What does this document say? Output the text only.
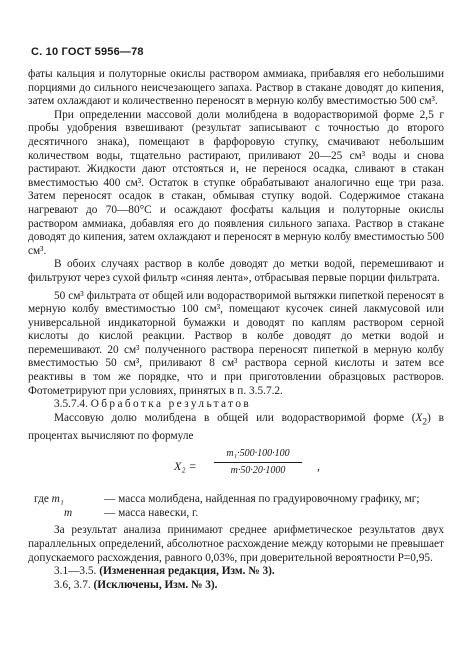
С. 10 ГОСТ 5956—78

фаты кальция и полуторные окислы раствором аммиака, прибавляя его небольшими порциями до сильного неисчезающего запаха. Раствор в стакане доводят до кипения, затем охлаждают и количественно переносят в мерную колбу вместимостью 500 см³.

При определении массовой доли молибдена в водорастворимой форме 2,5 г пробы удобрения взвешивают (результат записывают с точностью до второго десятичного знака), помещают в фарфоровую ступку, смачивают небольшим количеством воды, тщательно растирают, приливают 20—25 см³ воды и снова растирают. Жидкости дают отстояться и, не перенося осадка, сливают в стакан вместимостью 400 см³. Остаток в ступке обрабатывают аналогично еще три раза. Затем переносят осадок в стакан, обмывая ступку водой. Содержимое стакана нагревают до 70—80°С и осаждают фосфаты кальция и полуторные окислы раствором аммиака, добавляя его до появления сильного запаха. Раствор в стакане доводят до кипения, затем охлаждают и переносят в мерную колбу вместимостью 500 см³.

В обоих случаях раствор в колбе доводят до метки водой, перемешивают и фильтруют через сухой фильтр «синяя лента», отбрасывая первые порции фильтрата.

50 см³ фильтрата от общей или водорастворимой вытяжки пипеткой переносят в мерную колбу вместимостью 100 см³, помещают кусочек синей лакмусовой или универсальной индикаторной бумажки и доводят по каплям раствором серной кислоты до кислой реакции. Раствор в колбе доводят до метки водой и перемешивают. 20 см³ полученного раствора переносят пипеткой в мерную колбу вместимостью 50 см³, приливают 8 см³ раствора серной кислоты и затем все реактивы в том же порядке, что и при приготовлении образцовых растворов. Фотометрируют при условиях, принятых в п. 3.5.7.2.

3.5.7.4. Обработка результатов

Массовую долю молибдена в общей или водорастворимой форме $(X_2)$ в процентах вычисляют по формуле

$X_2 = \frac{\text{m₁·500·100·100}}{m\cdot 50\cdot 20\cdot 1000}$ ,
где m₁	— масса молибдена, найденная по градуировочному графику, мг;
m	— масса навески, г.

За результат анализа принимают среднее арифметическое результатов двух параллельных определений, абсолютное расхождение между которыми не превышает допускаемого расхождения, равного 0,03%, при доверительной вероятности P=0,95.

3.1—3.5. (Измененная редакция, Изм. № 3).

3.6, 3.7. (Исключены, Изм. № 3).
